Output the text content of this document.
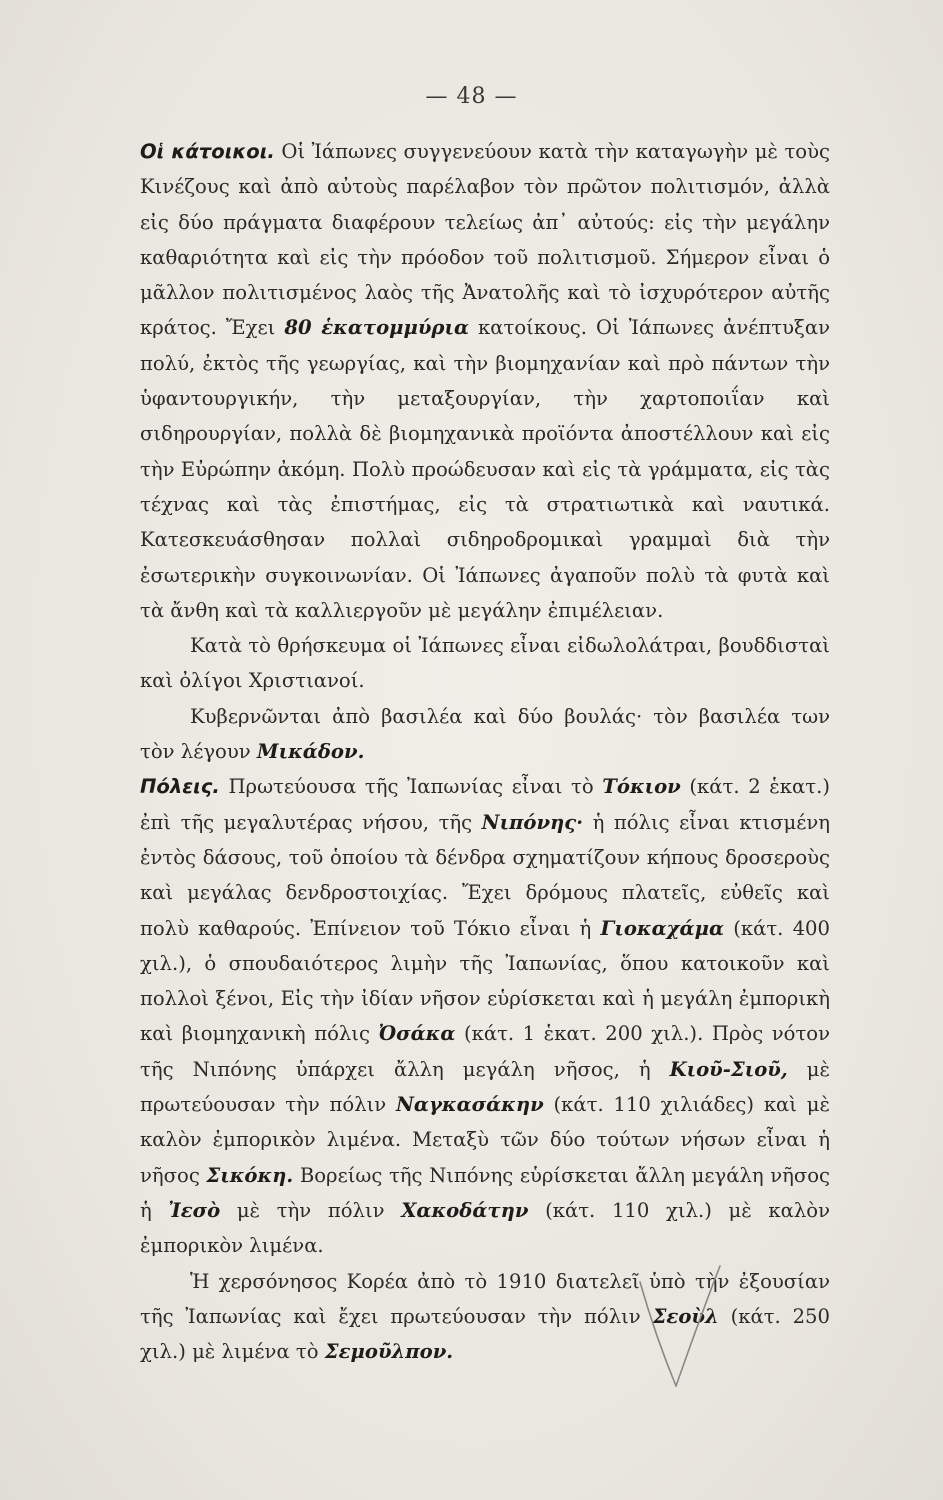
— 48 —

Οἱ κάτοικοι. Οἱ Ἰάπωνες συγγενεύουν κατὰ τὴν καταγωγὴν μὲ τοὺς Κινέζους καὶ ἀπὸ αὐτοὺς παρέλαβον τὸν πρῶτον πολιτισμόν, ἀλλὰ εἰς δύο πράγματα διαφέρουν τελείως ἀπ᾽ αὐτούς: εἰς τὴν μεγάλην καθαριότητα καὶ εἰς τὴν πρόοδον τοῦ πολιτισμοῦ. Σήμερον εἶναι ὁ μᾶλλον πολιτισμένος λαὸς τῆς Ἀνατολῆς καὶ τὸ ἰσχυρότερον αὐτῆς κράτος. Ἔχει 80 ἑκατομμύρια κατοίκους. Οἱ Ἰάπωνες ἀνέπτυξαν πολύ, ἐκτὸς τῆς γεωργίας, καὶ τὴν βιομηχανίαν καὶ πρὸ πάντων τὴν ὑφαντουργικήν, τὴν μεταξουργίαν, τὴν χαρτοποιΐαν καὶ σιδηρουργίαν, πολλὰ δὲ βιομηχανικὰ προϊόντα ἀποστέλλουν καὶ εἰς τὴν Εὐρώπην ἀκόμη. Πολὺ προώδευσαν καὶ εἰς τὰ γράμματα, εἰς τὰς τέχνας καὶ τὰς ἐπιστήμας, εἰς τὰ στρατιωτικὰ καὶ ναυτικά. Κατεσκευάσθησαν πολλαὶ σιδηροδρομικαὶ γραμμαὶ διὰ τὴν ἐσωτερικὴν συγκοινωνίαν. Οἱ Ἰάπωνες ἀγαποῦν πολὺ τὰ φυτὰ καὶ τὰ ἄνθη καὶ τὰ καλλιεργοῦν μὲ μεγάλην ἐπιμέλειαν.

Κατὰ τὸ θρήσκευμα οἱ Ἰάπωνες εἶναι εἰδωλολάτραι, βουδδισταὶ καὶ ὀλίγοι Χριστιανοί.

Κυβερνῶνται ἀπὸ βασιλέα καὶ δύο βουλάς· τὸν βασιλέα των τὸν λέγουν Μικάδον.

Πόλεις. Πρωτεύουσα τῆς Ἰαπωνίας εἶναι τὸ Τόκιον (κάτ. 2 ἑκατ.) ἐπὶ τῆς μεγαλυτέρας νήσου, τῆς Νιπόνης· ἡ πόλις εἶναι κτισμένη ἐντὸς δάσους, τοῦ ὁποίου τὰ δένδρα σχηματίζουν κήπους δροσεροὺς καὶ μεγάλας δενδροστοιχίας. Ἔχει δρόμους πλατεῖς, εὐθεῖς καὶ πολὺ καθαρούς. Ἐπίνειον τοῦ Τόκιο εἶναι ἡ Γιοκαχάμα (κάτ. 400 χιλ.), ὁ σπουδαιότερος λιμὴν τῆς Ἰαπωνίας, ὅπου κατοικοῦν καὶ πολλοὶ ξένοι, Εἰς τὴν ἰδίαν νῆσον εὑρίσκεται καὶ ἡ μεγάλη ἐμπορικὴ καὶ βιομηχανικὴ πόλις Ὀσάκα (κάτ. 1 ἑκατ. 200 χιλ.). Πρὸς νότον τῆς Νιπόνης ὑπάρχει ἄλλη μεγάλη νῆσος, ἡ Κιοῦ-Σιοῦ, μὲ πρωτεύουσαν τὴν πόλιν Ναγκασάκην (κάτ. 110 χιλιάδες) καὶ μὲ καλὸν ἐμπορικὸν λιμένα. Μεταξὺ τῶν δύο τούτων νήσων εἶναι ἡ νῆσος Σικόκη. Βορείως τῆς Νιπόνης εὑρίσκεται ἄλλη μεγάλη νῆσος ἡ Ἰεσὸ μὲ τὴν πόλιν Χακοδάτην (κάτ. 110 χιλ.) μὲ καλὸν ἐμπορικὸν λιμένα.

Ἡ χερσόνησος Κορέα ἀπὸ τὸ 1910 διατελεῖ ὑπὸ τὴν ἐξουσίαν τῆς Ἰαπωνίας καὶ ἔχει πρωτεύουσαν τὴν πόλιν Σεοὺλ (κάτ. 250 χιλ.) μὲ λιμένα τὸ Σεμοῦλπον.
